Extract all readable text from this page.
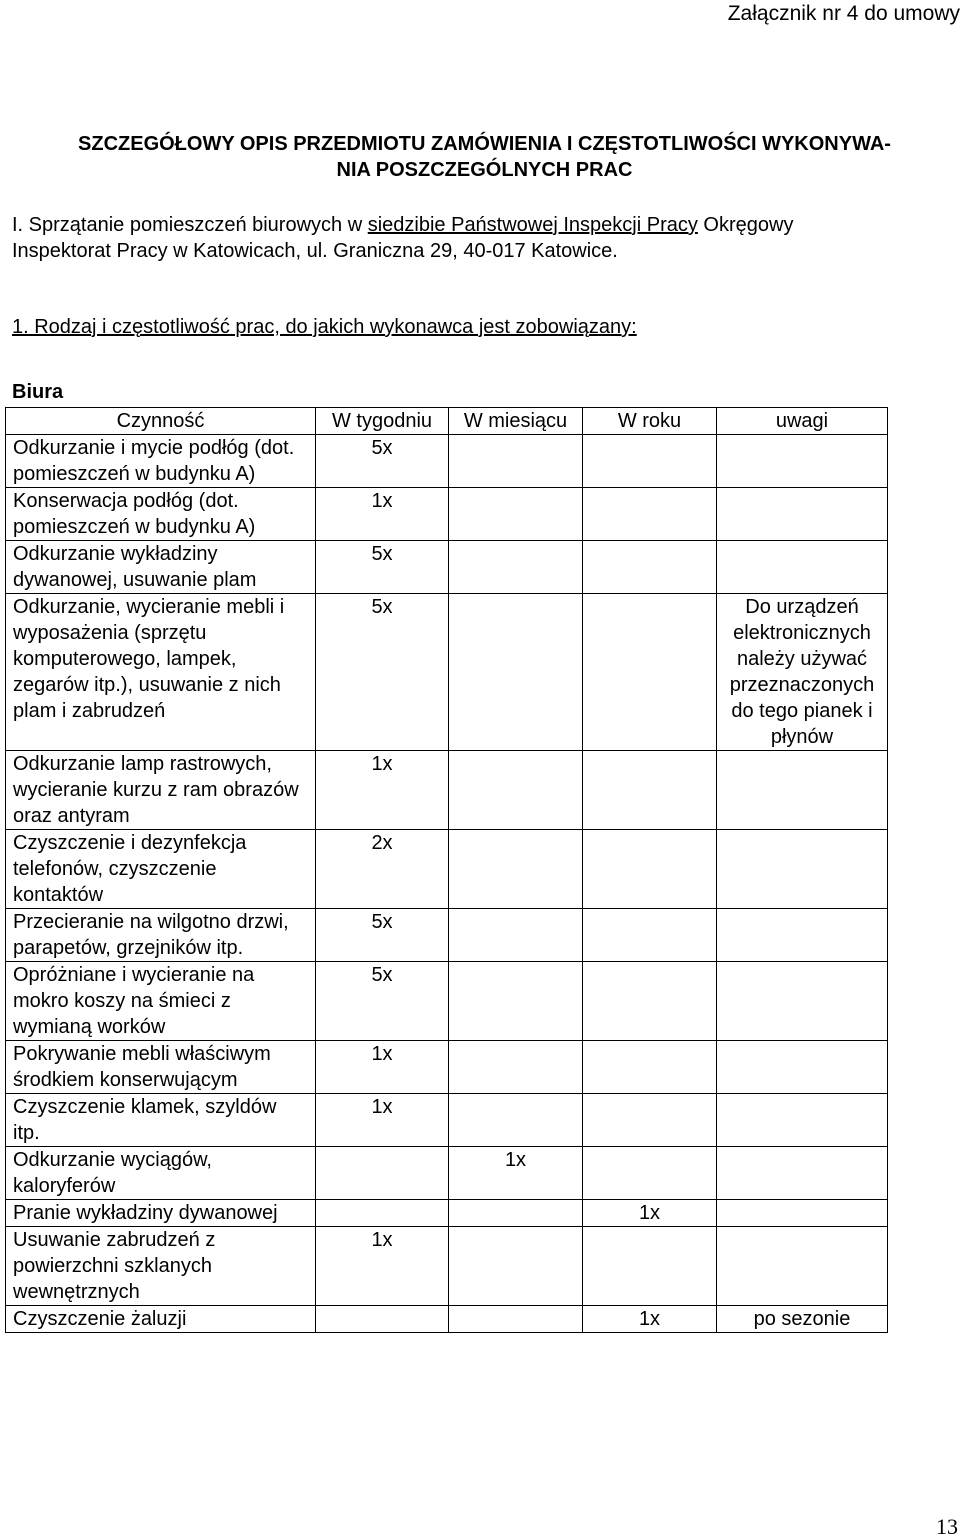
Załącznik nr 4 do umowy
SZCZEGÓŁOWY OPIS PRZEDMIOTU ZAMÓWIENIA I CZĘSTOTLIWOŚCI WYKONYWA-
NIA POSZCZEGÓLNYCH PRAC
I. Sprzątanie pomieszczeń biurowych w siedzibie Państwowej Inspekcji Pracy Okręgowy
Inspektorat Pracy w Katowicach, ul. Graniczna 29, 40-017 Katowice.
1. Rodzaj i częstotliwość prac, do jakich wykonawca jest zobowiązany:
Biura
Czynność	W tygodniu	W miesiącu	W roku	uwagi
Odkurzanie i mycie podłóg (dot. pomieszczeń w budynku A)	5x			
Konserwacja podłóg (dot. pomieszczeń w budynku A)	1x			
Odkurzanie wykładziny dywanowej, usuwanie plam	5x			
Odkurzanie, wycieranie mebli i wyposażenia (sprzętu komputerowego, lampek, zegarów itp.), usuwanie z nich plam i zabrudzeń	5x			Do urządzeń elektronicznych należy używać przeznaczonych do tego pianek i płynów
Odkurzanie lamp rastrowych, wycieranie kurzu z ram obrazów oraz antyram	1x			
Czyszczenie i dezynfekcja telefonów, czyszczenie kontaktów	2x			
Przecieranie na wilgotno drzwi, parapetów, grzejników itp.	5x			
Opróżniane i wycieranie na mokro koszy na śmieci z wymianą worków	5x			
Pokrywanie mebli właściwym środkiem konserwującym	1x			
Czyszczenie klamek, szyldów itp.	1x			
Odkurzanie wyciągów, kaloryferów		1x		
Pranie wykładziny dywanowej			1x	
Usuwanie zabrudzeń z powierzchni szklanych wewnętrznych	1x			
Czyszczenie żaluzji			1x	po sezonie
13
